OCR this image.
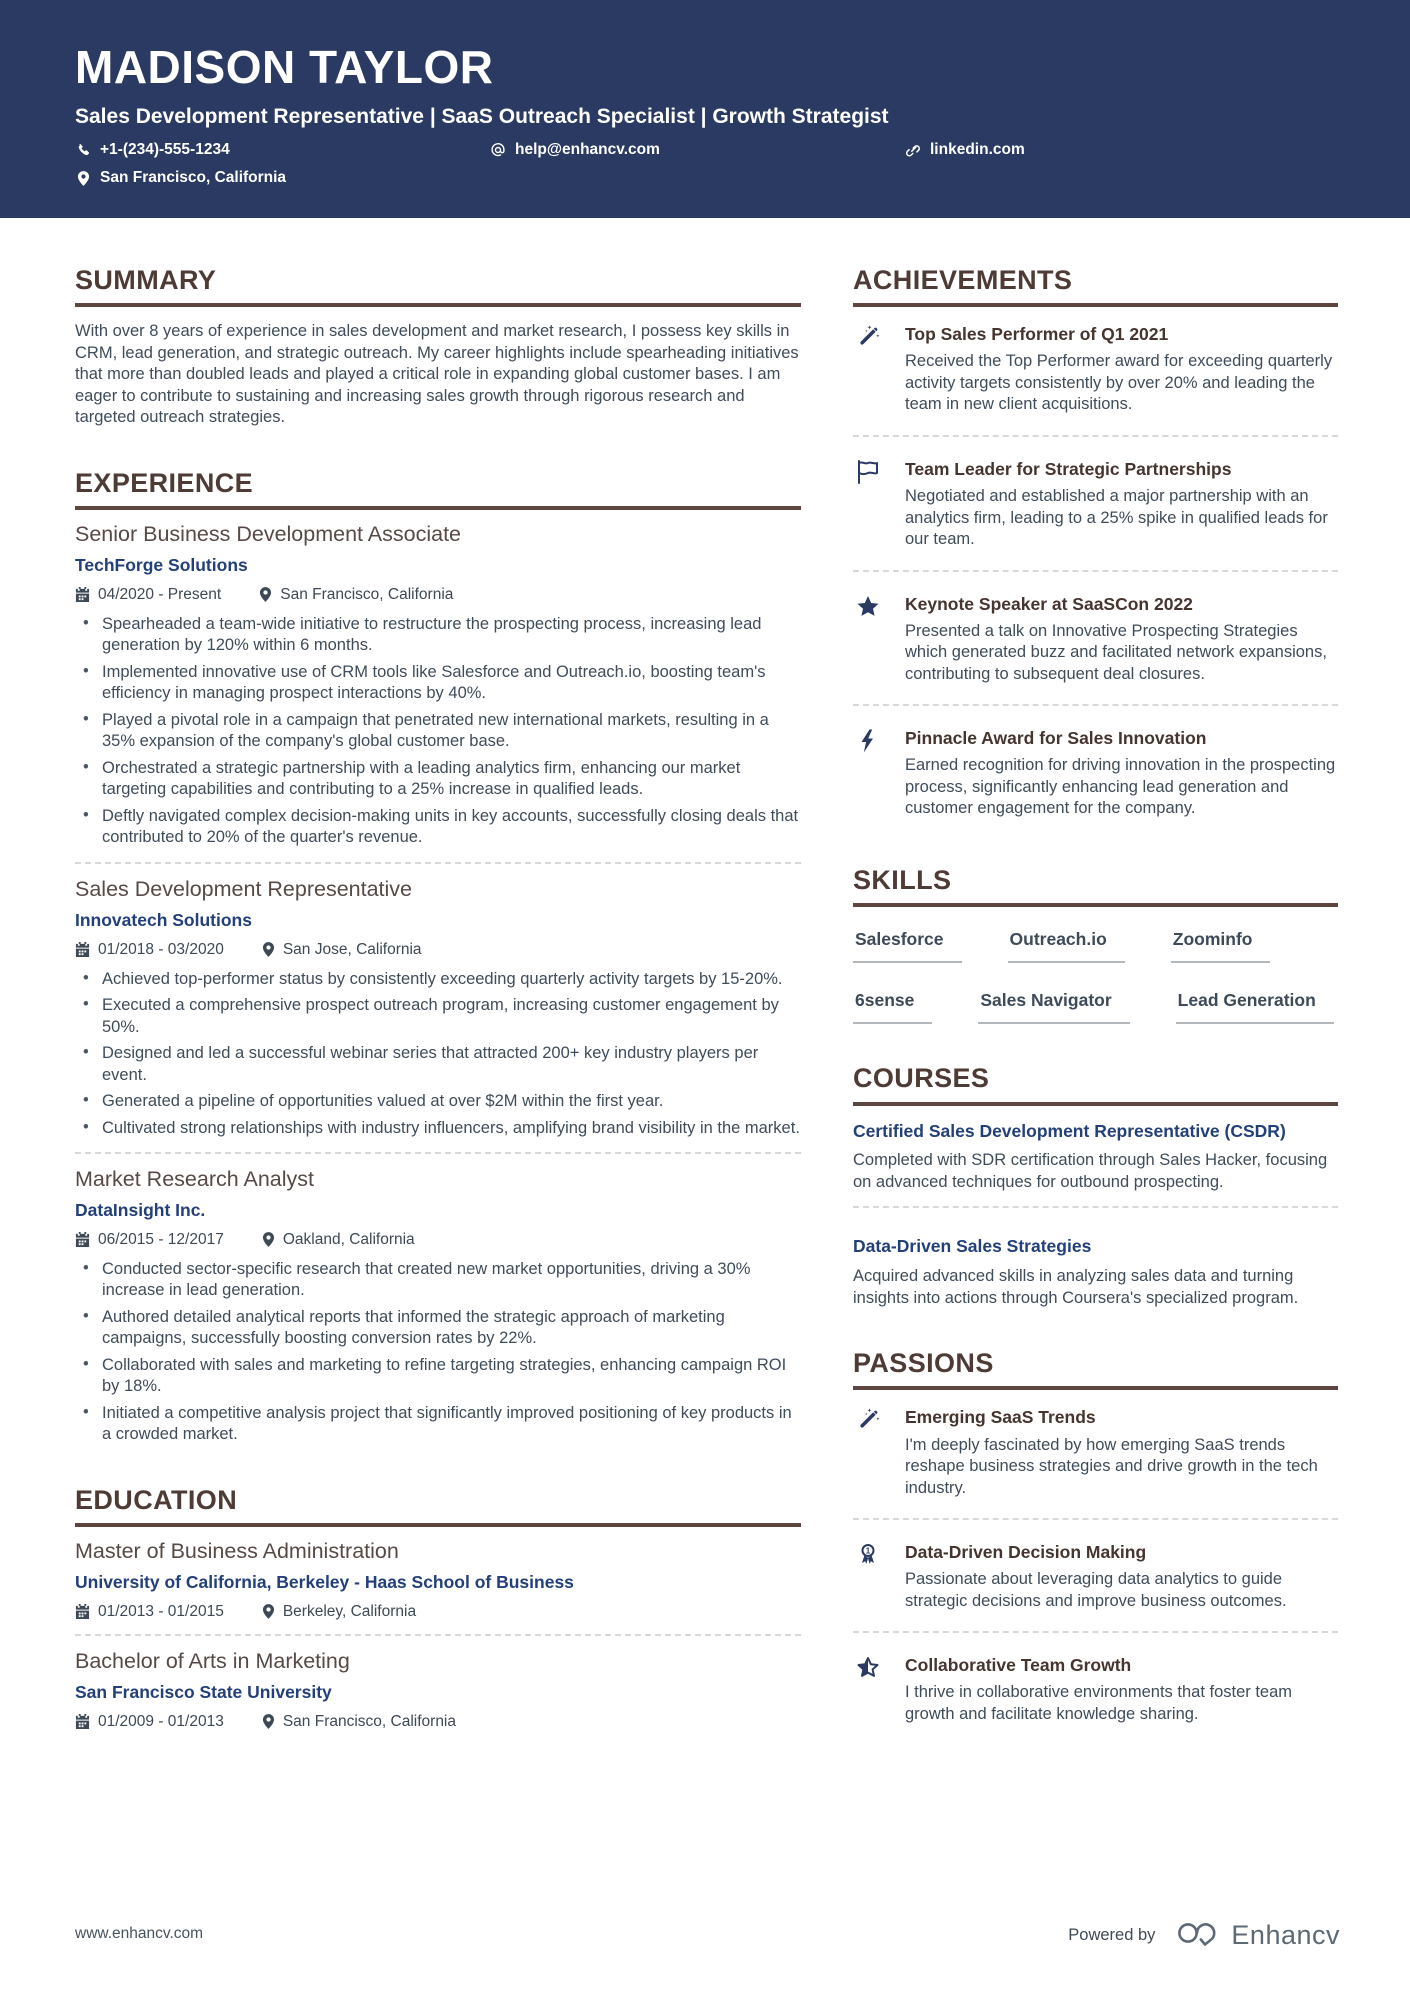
MADISON TAYLOR
Sales Development Representative | SaaS Outreach Specialist | Growth Strategist
+1-(234)-555-1234	help@enhancv.com	linkedin.com
San Francisco, California
SUMMARY

With over 8 years of experience in sales development and market research, I possess key skills in CRM, lead generation, and strategic outreach. My career highlights include spearheading initiatives that more than doubled leads and played a critical role in expanding global customer bases. I am eager to contribute to sustaining and increasing sales growth through rigorous research and targeted outreach strategies.

EXPERIENCE
Senior Business Development Associate
TechForge Solutions
04/2020 - Present	San Francisco, California
• Spearheaded a team-wide initiative to restructure the prospecting process, increasing lead generation by 120% within 6 months.
• Implemented innovative use of CRM tools like Salesforce and Outreach.io, boosting team's efficiency in managing prospect interactions by 40%.
• Played a pivotal role in a campaign that penetrated new international markets, resulting in a 35% expansion of the company's global customer base.
• Orchestrated a strategic partnership with a leading analytics firm, enhancing our market targeting capabilities and contributing to a 25% increase in qualified leads.
• Deftly navigated complex decision-making units in key accounts, successfully closing deals that contributed to 20% of the quarter's revenue.
Sales Development Representative
Innovatech Solutions
01/2018 - 03/2020	San Jose, California
• Achieved top-performer status by consistently exceeding quarterly activity targets by 15-20%.
• Executed a comprehensive prospect outreach program, increasing customer engagement by 50%.
• Designed and led a successful webinar series that attracted 200+ key industry players per event.
• Generated a pipeline of opportunities valued at over $2M within the first year.
• Cultivated strong relationships with industry influencers, amplifying brand visibility in the market.
Market Research Analyst
DataInsight Inc.
06/2015 - 12/2017	Oakland, California
• Conducted sector-specific research that created new market opportunities, driving a 30% increase in lead generation.
• Authored detailed analytical reports that informed the strategic approach of marketing campaigns, successfully boosting conversion rates by 22%.
• Collaborated with sales and marketing to refine targeting strategies, enhancing campaign ROI by 18%.
• Initiated a competitive analysis project that significantly improved positioning of key products in a crowded market.
EDUCATION
Master of Business Administration
University of California, Berkeley - Haas School of Business
01/2013 - 01/2015	Berkeley, California
Bachelor of Arts in Marketing
San Francisco State University
01/2009 - 01/2013	San Francisco, California
ACHIEVEMENTS
Top Sales Performer of Q1 2021

Received the Top Performer award for exceeding quarterly activity targets consistently by over 20% and leading the team in new client acquisitions.

Team Leader for Strategic Partnerships

Negotiated and established a major partnership with an analytics firm, leading to a 25% spike in qualified leads for our team.

Keynote Speaker at SaaSCon 2022

Presented a talk on Innovative Prospecting Strategies which generated buzz and facilitated network expansions, contributing to subsequent deal closures.

Pinnacle Award for Sales Innovation

Earned recognition for driving innovation in the prospecting process, significantly enhancing lead generation and customer engagement for the company.

SKILLS
Salesforce	Outreach.io	Zoominfo
6sense	Sales Navigator	Lead Generation
COURSES
Certified Sales Development Representative (CSDR)

Completed with SDR certification through Sales Hacker, focusing on advanced techniques for outbound prospecting.

Data-Driven Sales Strategies

Acquired advanced skills in analyzing sales data and turning insights into actions through Coursera's specialized program.

PASSIONS
Emerging SaaS Trends

I'm deeply fascinated by how emerging SaaS trends reshape business strategies and drive growth in the tech industry.

1 Data-Driven Decision Making

Passionate about leveraging data analytics to guide strategic decisions and improve business outcomes.

Collaborative Team Growth

I thrive in collaborative environments that foster team growth and facilitate knowledge sharing.

www.enhancv.com	Powered by	Enhancv
